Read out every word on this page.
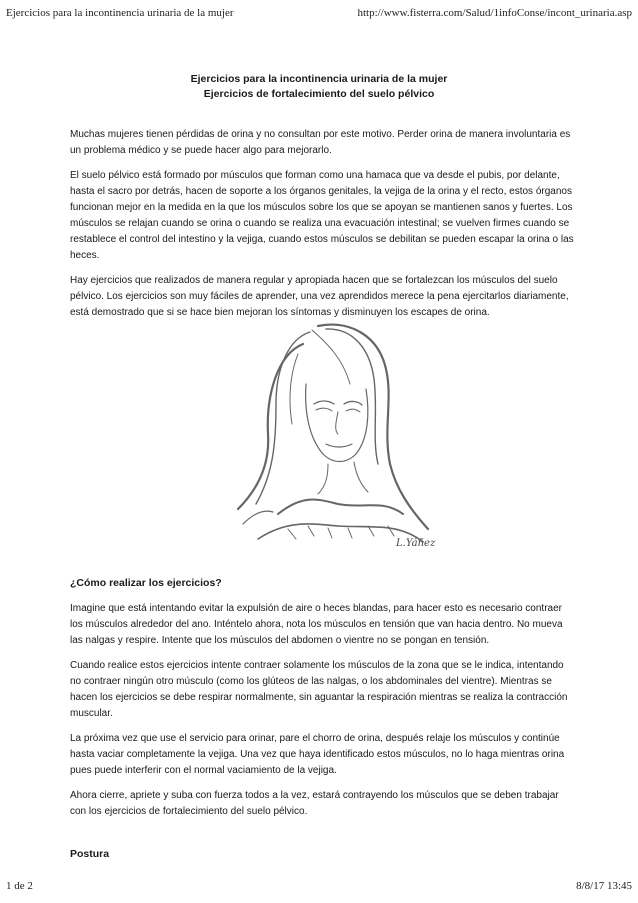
Ejercicios para la incontinencia urinaria de la mujer	http://www.fisterra.com/Salud/1infoConse/incont_urinaria.asp
Ejercicios para la incontinencia urinaria de la mujer
Ejercicios de fortalecimiento del suelo pélvico

Muchas mujeres tienen pérdidas de orina y no consultan por este motivo. Perder orina de manera involuntaria es un problema médico y se puede hacer algo para mejorarlo.

El suelo pélvico está formado por músculos que forman como una hamaca que va desde el pubis, por delante, hasta el sacro por detrás, hacen de soporte a los órganos genitales, la vejiga de la orina y el recto, estos órganos funcionan mejor en la medida en la que los músculos sobre los que se apoyan se mantienen sanos y fuertes. Los músculos se relajan cuando se orina o cuando se realiza una evacuación intestinal; se vuelven firmes cuando se restablece el control del intestino y la vejiga, cuando estos músculos se debilitan se pueden escapar la orina o las heces.

Hay ejercicios que realizados de manera regular y apropiada hacen que se fortalezcan los músculos del suelo pélvico. Los ejercicios son muy fáciles de aprender, una vez aprendidos merece la pena ejercitarlos diariamente, está demostrado que si se hace bien mejoran los síntomas y disminuyen los escapes de orina.

L.Yáñez
¿Cómo realizar los ejercicios?

Imagine que está intentando evitar la expulsión de aire o heces blandas, para hacer esto es necesario contraer los músculos alrededor del ano. Inténtelo ahora, nota los músculos en tensión que van hacia dentro. No mueva las nalgas y respire. Intente que los músculos del abdomen o vientre no se pongan en tensión.

Cuando realice estos ejercicios intente contraer solamente los músculos de la zona que se le indica, intentando no contraer ningún otro músculo (como los glúteos de las nalgas, o los abdominales del vientre). Mientras se hacen los ejercicios se debe respirar normalmente, sin aguantar la respiración mientras se realiza la contracción muscular.

La próxima vez que use el servicio para orinar, pare el chorro de orina, después relaje los músculos y continúe hasta vaciar completamente la vejiga. Una vez que haya identificado estos músculos, no lo haga mientras orina pues puede interferir con el normal vaciamiento de la vejiga.

Ahora cierre, apriete y suba con fuerza todos a la vez, estará contrayendo los músculos que se deben trabajar con los ejercicios de fortalecimiento del suelo pélvico.

Postura
1 de 2	8/8/17 13:45
